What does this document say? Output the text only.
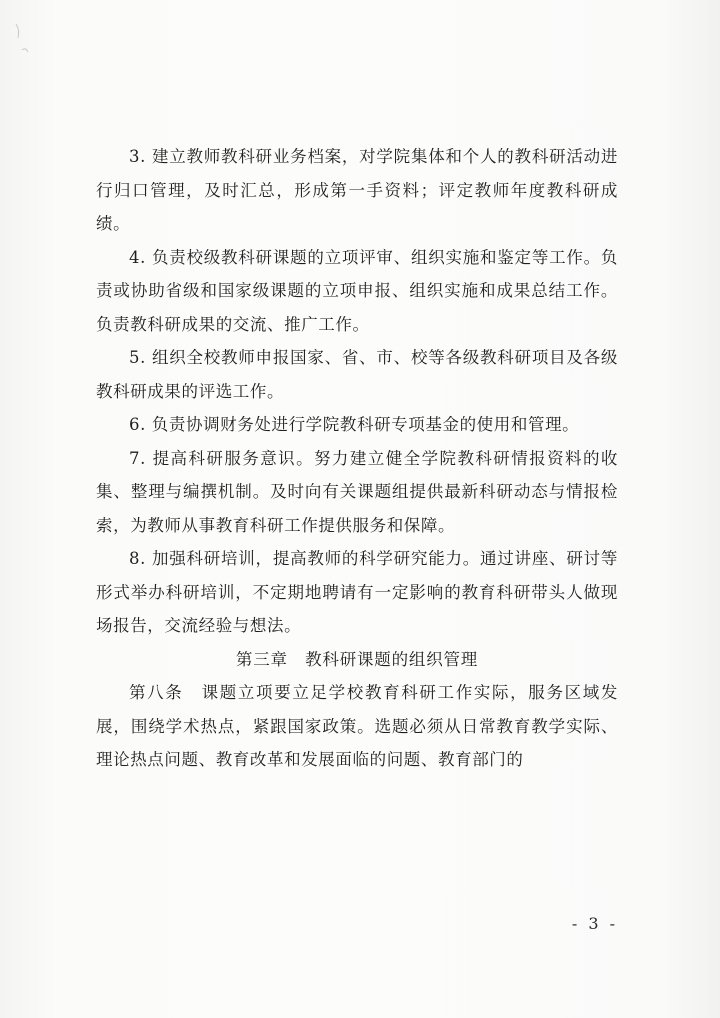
3. 建立教师教科研业务档案，对学院集体和个人的教科研活动进行归口管理，及时汇总，形成第一手资料；评定教师年度教科研成绩。

4. 负责校级教科研课题的立项评审、组织实施和鉴定等工作。负责或协助省级和国家级课题的立项申报、组织实施和成果总结工作。负责教科研成果的交流、推广工作。

5. 组织全校教师申报国家、省、市、校等各级教科研项目及各级教科研成果的评选工作。

6. 负责协调财务处进行学院教科研专项基金的使用和管理。

7. 提高科研服务意识。努力建立健全学院教科研情报资料的收集、整理与编撰机制。及时向有关课题组提供最新科研动态与情报检索，为教师从事教育科研工作提供服务和保障。

8. 加强科研培训，提高教师的科学研究能力。通过讲座、研讨等形式举办科研培训，不定期地聘请有一定影响的教育科研带头人做现场报告，交流经验与想法。

第三章　教科研课题的组织管理

第八条　课题立项要立足学校教育科研工作实际，服务区域发展，围绕学术热点，紧跟国家政策。选题必须从日常教育教学实际、理论热点问题、教育改革和发展面临的问题、教育部门的

- 3 -
